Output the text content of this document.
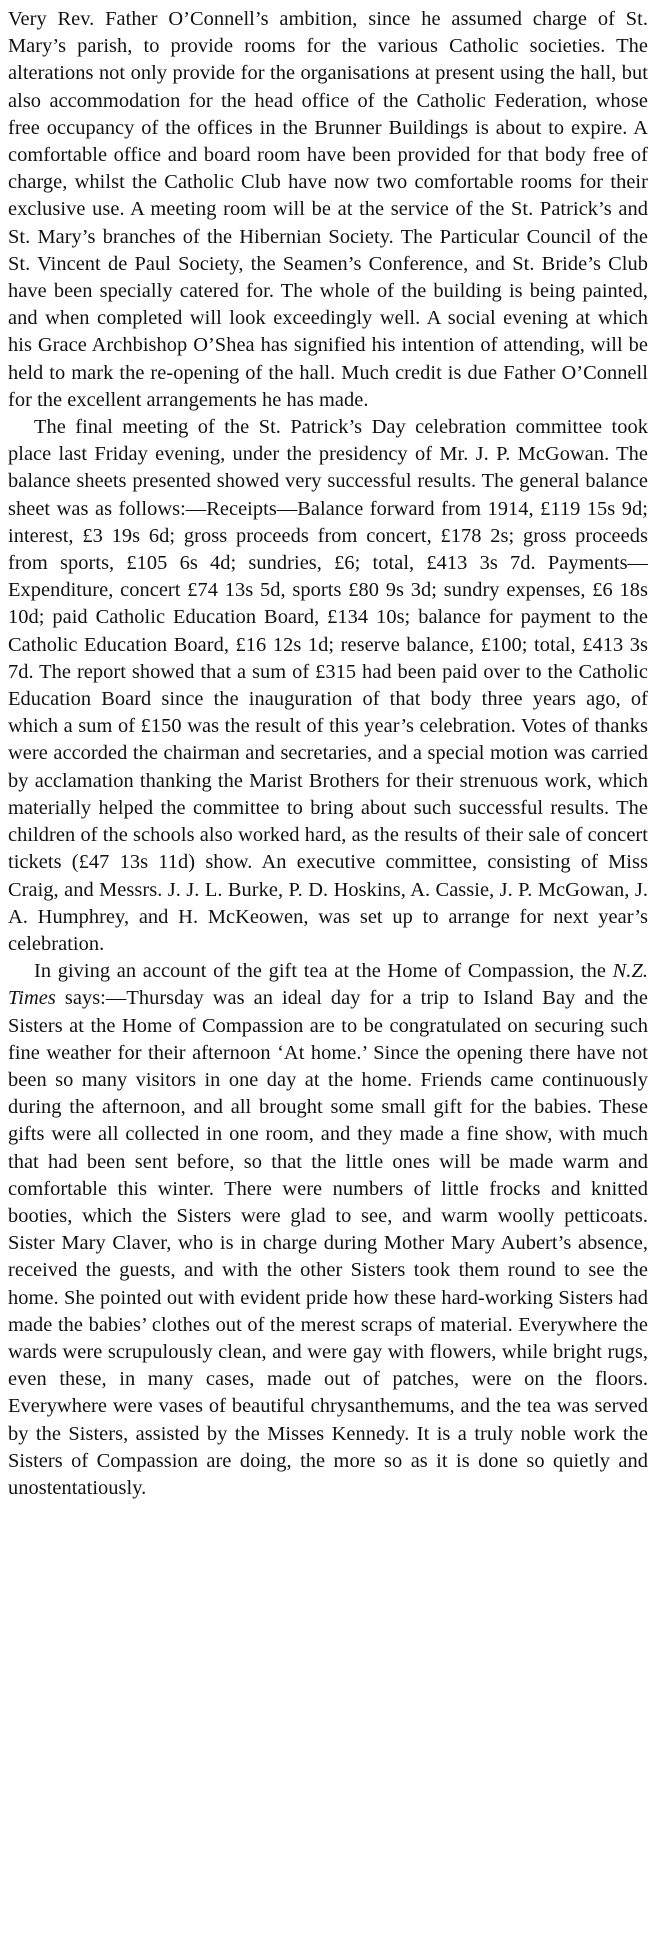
Very Rev. Father O’Connell’s ambition, since he assumed charge of St. Mary’s parish, to provide rooms for the various Catholic societies. The alterations not only provide for the organisations at present using the hall, but also accommodation for the head office of the Catholic Federation, whose free occupancy of the offices in the Brunner Buildings is about to expire. A comfortable office and board room have been provided for that body free of charge, whilst the Catholic Club have now two comfortable rooms for their exclusive use. A meeting room will be at the service of the St. Patrick’s and St. Mary’s branches of the Hibernian Society. The Particular Council of the St. Vincent de Paul Society, the Seamen’s Conference, and St. Bride’s Club have been specially catered for. The whole of the building is being painted, and when completed will look exceedingly well. A social evening at which his Grace Archbishop O’Shea has signified his intention of attending, will be held to mark the re-opening of the hall. Much credit is due Father O’Connell for the excellent arrangements he has made.

The final meeting of the St. Patrick’s Day celebration committee took place last Friday evening, under the presidency of Mr. J. P. McGowan. The balance sheets presented showed very successful results. The general balance sheet was as follows:—Receipts—Balance forward from 1914, £119 15s 9d; interest, £3 19s 6d; gross proceeds from concert, £178 2s; gross proceeds from sports, £105 6s 4d; sundries, £6; total, £413 3s 7d. Payments—Expenditure, concert £74 13s 5d, sports £80 9s 3d; sundry expenses, £6 18s 10d; paid Catholic Education Board, £134 10s; balance for payment to the Catholic Education Board, £16 12s 1d; reserve balance, £100; total, £413 3s 7d. The report showed that a sum of £315 had been paid over to the Catholic Education Board since the inauguration of that body three years ago, of which a sum of £150 was the result of this year’s celebration. Votes of thanks were accorded the chairman and secretaries, and a special motion was carried by acclamation thanking the Marist Brothers for their strenuous work, which materially helped the committee to bring about such successful results. The children of the schools also worked hard, as the results of their sale of concert tickets (£47 13s 11d) show. An executive committee, consisting of Miss Craig, and Messrs. J. J. L. Burke, P. D. Hoskins, A. Cassie, J. P. McGowan, J. A. Humphrey, and H. McKeowen, was set up to arrange for next year’s celebration.

In giving an account of the gift tea at the Home of Compassion, the N.Z. Times says:—Thursday was an ideal day for a trip to Island Bay and the Sisters at the Home of Compassion are to be congratulated on securing such fine weather for their afternoon ‘At home.’ Since the opening there have not been so many visitors in one day at the home. Friends came continuously during the afternoon, and all brought some small gift for the babies. These gifts were all collected in one room, and they made a fine show, with much that had been sent before, so that the little ones will be made warm and comfortable this winter. There were numbers of little frocks and knitted booties, which the Sisters were glad to see, and warm woolly petticoats. Sister Mary Claver, who is in charge during Mother Mary Aubert’s absence, received the guests, and with the other Sisters took them round to see the home. She pointed out with evident pride how these hard-working Sisters had made the babies’ clothes out of the merest scraps of material. Everywhere the wards were scrupulously clean, and were gay with flowers, while bright rugs, even these, in many cases, made out of patches, were on the floors. Everywhere were vases of beautiful chrysanthemums, and the tea was served by the Sisters, assisted by the Misses Kennedy. It is a truly noble work the Sisters of Compassion are doing, the more so as it is done so quietly and unostentatiously.
